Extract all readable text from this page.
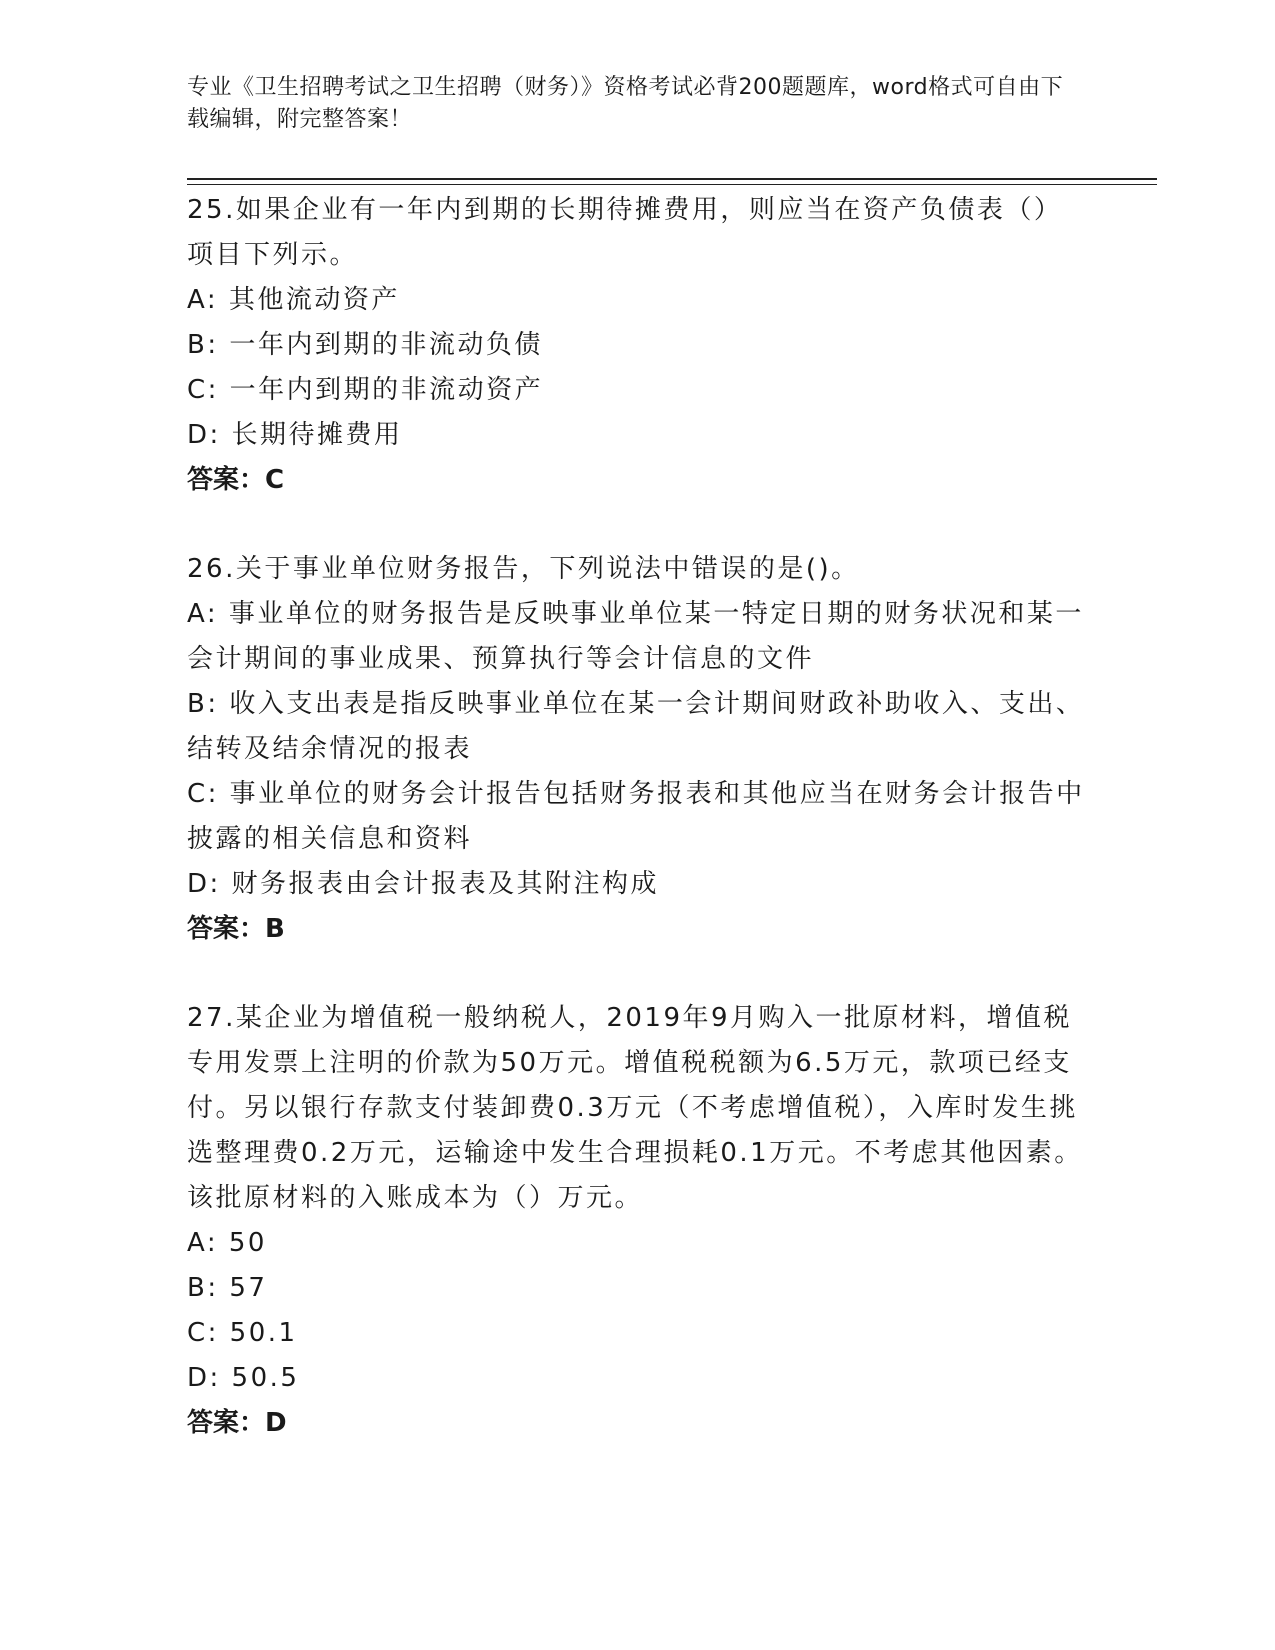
专业《卫生招聘考试之卫生招聘（财务）》资格考试必背200题题库，word格式可自由下载编辑，附完整答案！

25.如果企业有一年内到期的长期待摊费用，则应当在资产负债表（）项目下列示。

A: 其他流动资产

B: 一年内到期的非流动负债

C: 一年内到期的非流动资产

D: 长期待摊费用

答案：C

26.关于事业单位财务报告，下列说法中错误的是()。

A: 事业单位的财务报告是反映事业单位某一特定日期的财务状况和某一会计期间的事业成果、预算执行等会计信息的文件

B: 收入支出表是指反映事业单位在某一会计期间财政补助收入、支出、结转及结余情况的报表

C: 事业单位的财务会计报告包括财务报表和其他应当在财务会计报告中披露的相关信息和资料

D: 财务报表由会计报表及其附注构成

答案：B

27.某企业为增值税一般纳税人，2019年9月购入一批原材料，增值税专用发票上注明的价款为50万元。增值税税额为6.5万元，款项已经支付。另以银行存款支付装卸费0.3万元（不考虑增值税），入库时发生挑选整理费0.2万元，运输途中发生合理损耗0.1万元。不考虑其他因素。该批原材料的入账成本为（）万元。

A: 50

B: 57

C: 50.1

D: 50.5

答案：D
